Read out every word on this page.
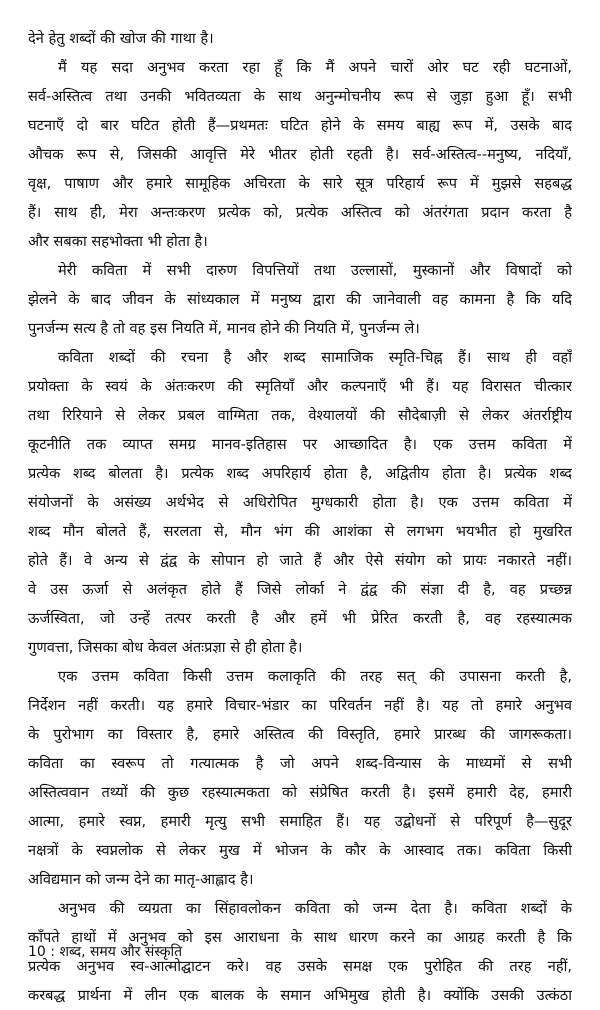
देने हेतु शब्दों की खोज की गाथा है।
मैं यह सदा अनुभव करता रहा हूँ कि मैं अपने चारों ओर घट रही घटनाओं,
सर्व-अस्तित्व तथा उनकी भवितव्यता के साथ अनुन्मोचनीय रूप से जुड़ा हुआ हूँ। सभी
घटनाएँ दो बार घटित होती हैं—प्रथमतः घटित होने के समय बाह्य रूप में, उसके बाद
औचक रूप से, जिसकी आवृत्ति मेरे भीतर होती रहती है। सर्व-अस्तित्व--मनुष्य, नदियाँ,
वृक्ष, पाषाण और हमारे सामूहिक अचिरता के सारे सूत्र परिहार्य रूप में मुझसे सहबद्ध
हैं। साथ ही, मेरा अन्तःकरण प्रत्येक को, प्रत्येक अस्तित्व को अंतरंगता प्रदान करता है
और सबका सहभोक्ता भी होता है।
मेरी कविता में सभी दारुण विपत्तियों तथा उल्लासों, मुस्कानों और विषादों को
झेलने के बाद जीवन के सांध्यकाल में मनुष्य द्वारा की जानेवाली वह कामना है कि यदि
पुनर्जन्म सत्य है तो वह इस नियति में, मानव होने की नियति में, पुनर्जन्म ले।
कविता शब्दों की रचना है और शब्द सामाजिक स्मृति-चिह्न हैं। साथ ही वहाँ
प्रयोक्ता के स्वयं के अंतःकरण की स्मृतियाँ और कल्पनाएँ भी हैं। यह विरासत चीत्कार
तथा रिरियाने से लेकर प्रबल वाग्मिता तक, वेश्यालयों की सौदेबाज़ी से लेकर अंतर्राष्ट्रीय
कूटनीति तक व्याप्त समग्र मानव-इतिहास पर आच्छादित है। एक उत्तम कविता में
प्रत्येक शब्द बोलता है। प्रत्येक शब्द अपरिहार्य होता है, अद्वितीय होता है। प्रत्येक शब्द
संयोजनों के असंख्य अर्थभेद से अधिरोपित मुग्धकारी होता है। एक उत्तम कविता में
शब्द मौन बोलते हैं, सरलता से, मौन भंग की आशंका से लगभग भयभीत हो मुखरित
होते हैं। वे अन्य से द्वंद्व के सोपान हो जाते हैं और ऐसे संयोग को प्रायः नकारते नहीं।
वे उस ऊर्जा से अलंकृत होते हैं जिसे लोर्का ने द्वंद्व की संज्ञा दी है, वह प्रच्छन्न
ऊर्जस्विता, जो उन्हें तत्पर करती है और हमें भी प्रेरित करती है, वह रहस्यात्मक
गुणवत्ता, जिसका बोध केवल अंतःप्रज्ञा से ही होता है।
एक उत्तम कविता किसी उत्तम कलाकृति की तरह सत् की उपासना करती है,
निर्देशन नहीं करती। यह हमारे विचार-भंडार का परिवर्तन नहीं है। यह तो हमारे अनुभव
के पुरोभाग का विस्तार है, हमारे अस्तित्व की विस्तृति, हमारे प्रारब्ध की जागरूकता।
कविता का स्वरूप तो गत्यात्मक है जो अपने शब्द-विन्यास के माध्यमों से सभी
अस्तित्ववान तथ्यों की कुछ रहस्यात्मकता को संप्रेषित करती है। इसमें हमारी देह, हमारी
आत्मा, हमारे स्वप्न, हमारी मृत्यु सभी समाहित हैं। यह उद्बोधनों से परिपूर्ण है—सुदूर
नक्षत्रों के स्वप्नलोक से लेकर मुख में भोजन के कौर के आस्वाद तक। कविता किसी
अविद्यमान को जन्म देने का मातृ-आह्लाद है।
अनुभव की व्यग्रता का सिंहावलोकन कविता को जन्म देता है। कविता शब्दों के
काँपते हाथों में अनुभव को इस आराधना के साथ धारण करने का आग्रह करती है कि
प्रत्येक अनुभव स्व-आत्मोद्घाटन करे। वह उसके समक्ष एक पुरोहित की तरह नहीं,
करबद्ध प्रार्थना में लीन एक बालक के समान अभिमुख होती है। क्योंकि उसकी उत्कंठा
10 : शब्द, समय और संस्कृति
